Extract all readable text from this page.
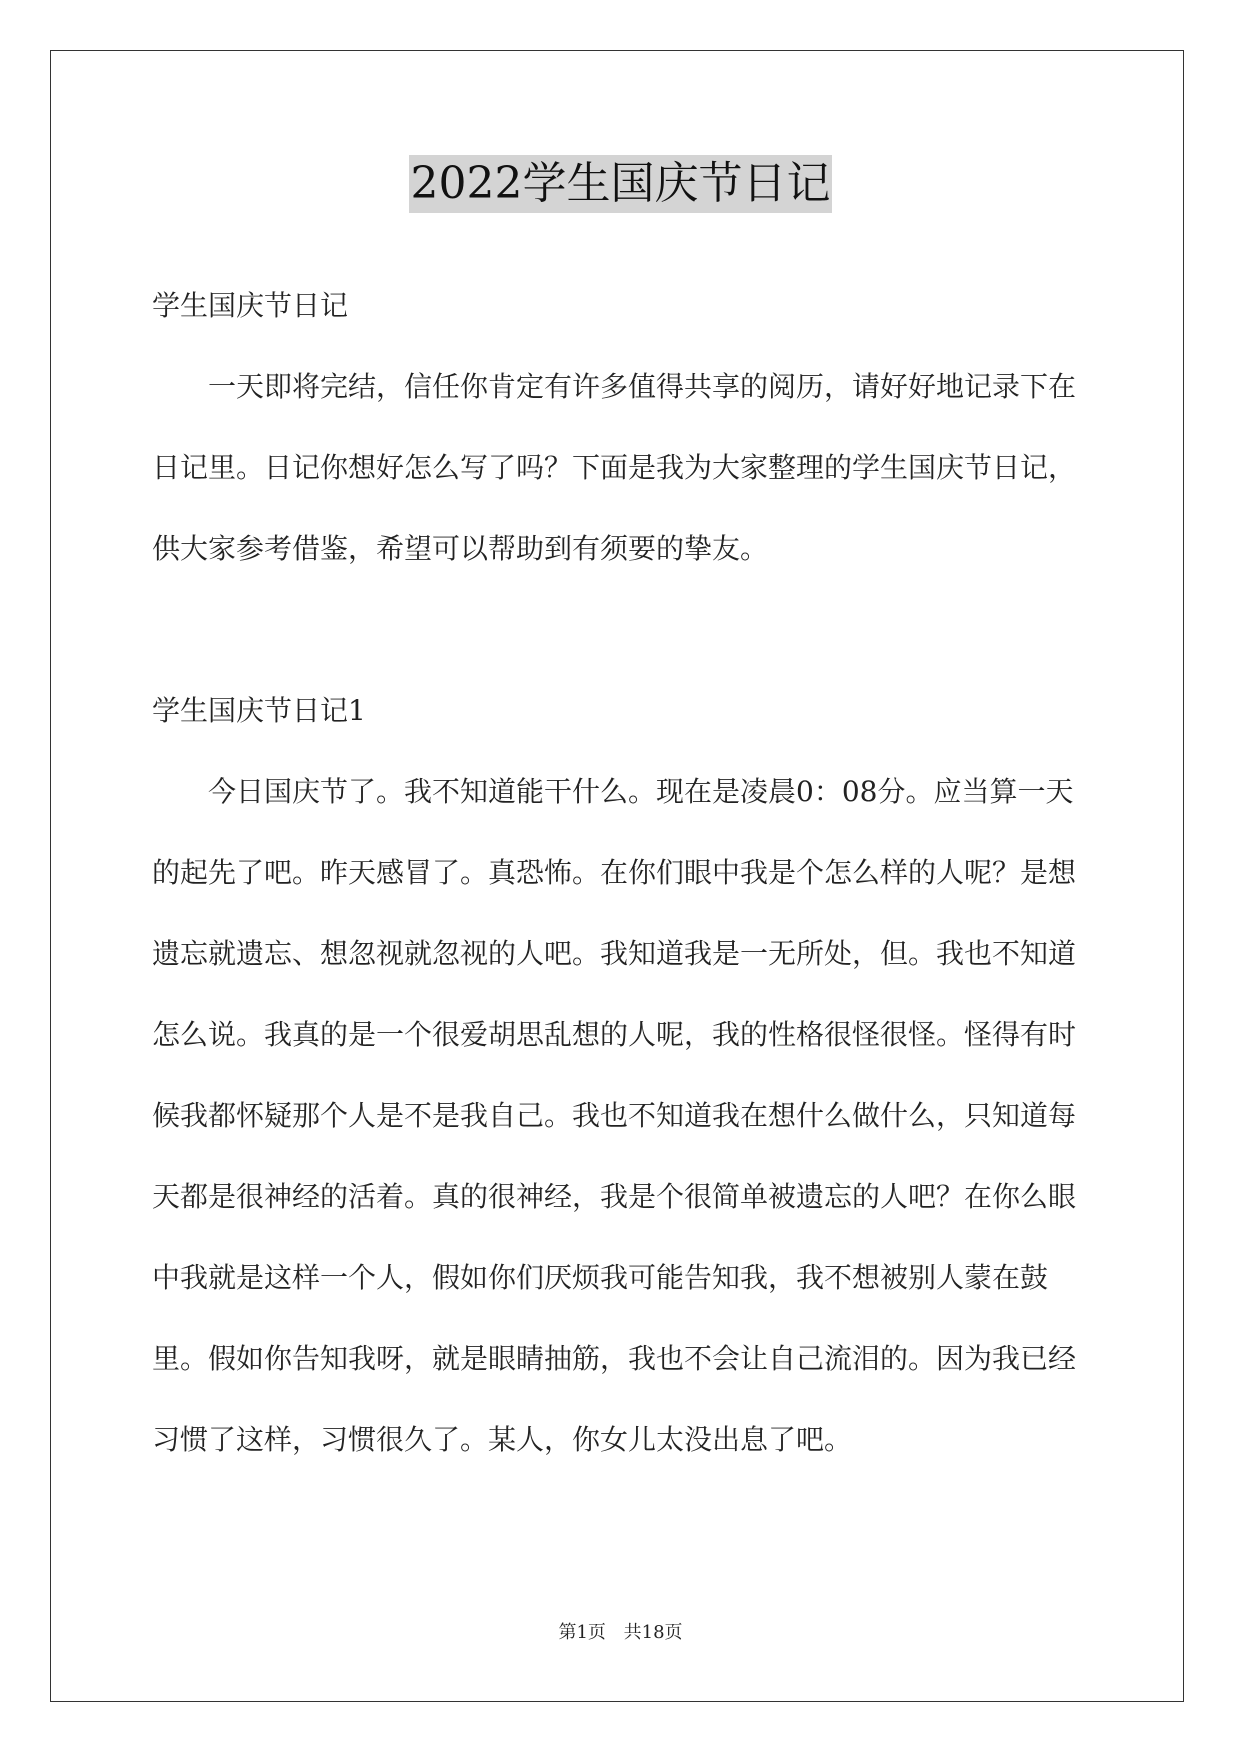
2022学生国庆节日记

学生国庆节日记

一天即将完结，信任你肯定有许多值得共享的阅历，请好好地记录下在日记里。日记你想好怎么写了吗？下面是我为大家整理的学生国庆节日记，供大家参考借鉴，希望可以帮助到有须要的挚友。

学生国庆节日记1

今日国庆节了。我不知道能干什么。现在是凌晨0：08分。应当算一天的起先了吧。昨天感冒了。真恐怖。在你们眼中我是个怎么样的人呢？是想遗忘就遗忘、想忽视就忽视的人吧。我知道我是一无所处，但。我也不知道怎么说。我真的是一个很爱胡思乱想的人呢，我的性格很怪很怪。怪得有时候我都怀疑那个人是不是我自己。我也不知道我在想什么做什么，只知道每天都是很神经的活着。真的很神经，我是个很简单被遗忘的人吧？在你么眼中我就是这样一个人，假如你们厌烦我可能告知我，我不想被别人蒙在鼓里。假如你告知我呀，就是眼睛抽筋，我也不会让自己流泪的。因为我已经习惯了这样，习惯很久了。某人，你女儿太没出息了吧。

第1页 共18页
